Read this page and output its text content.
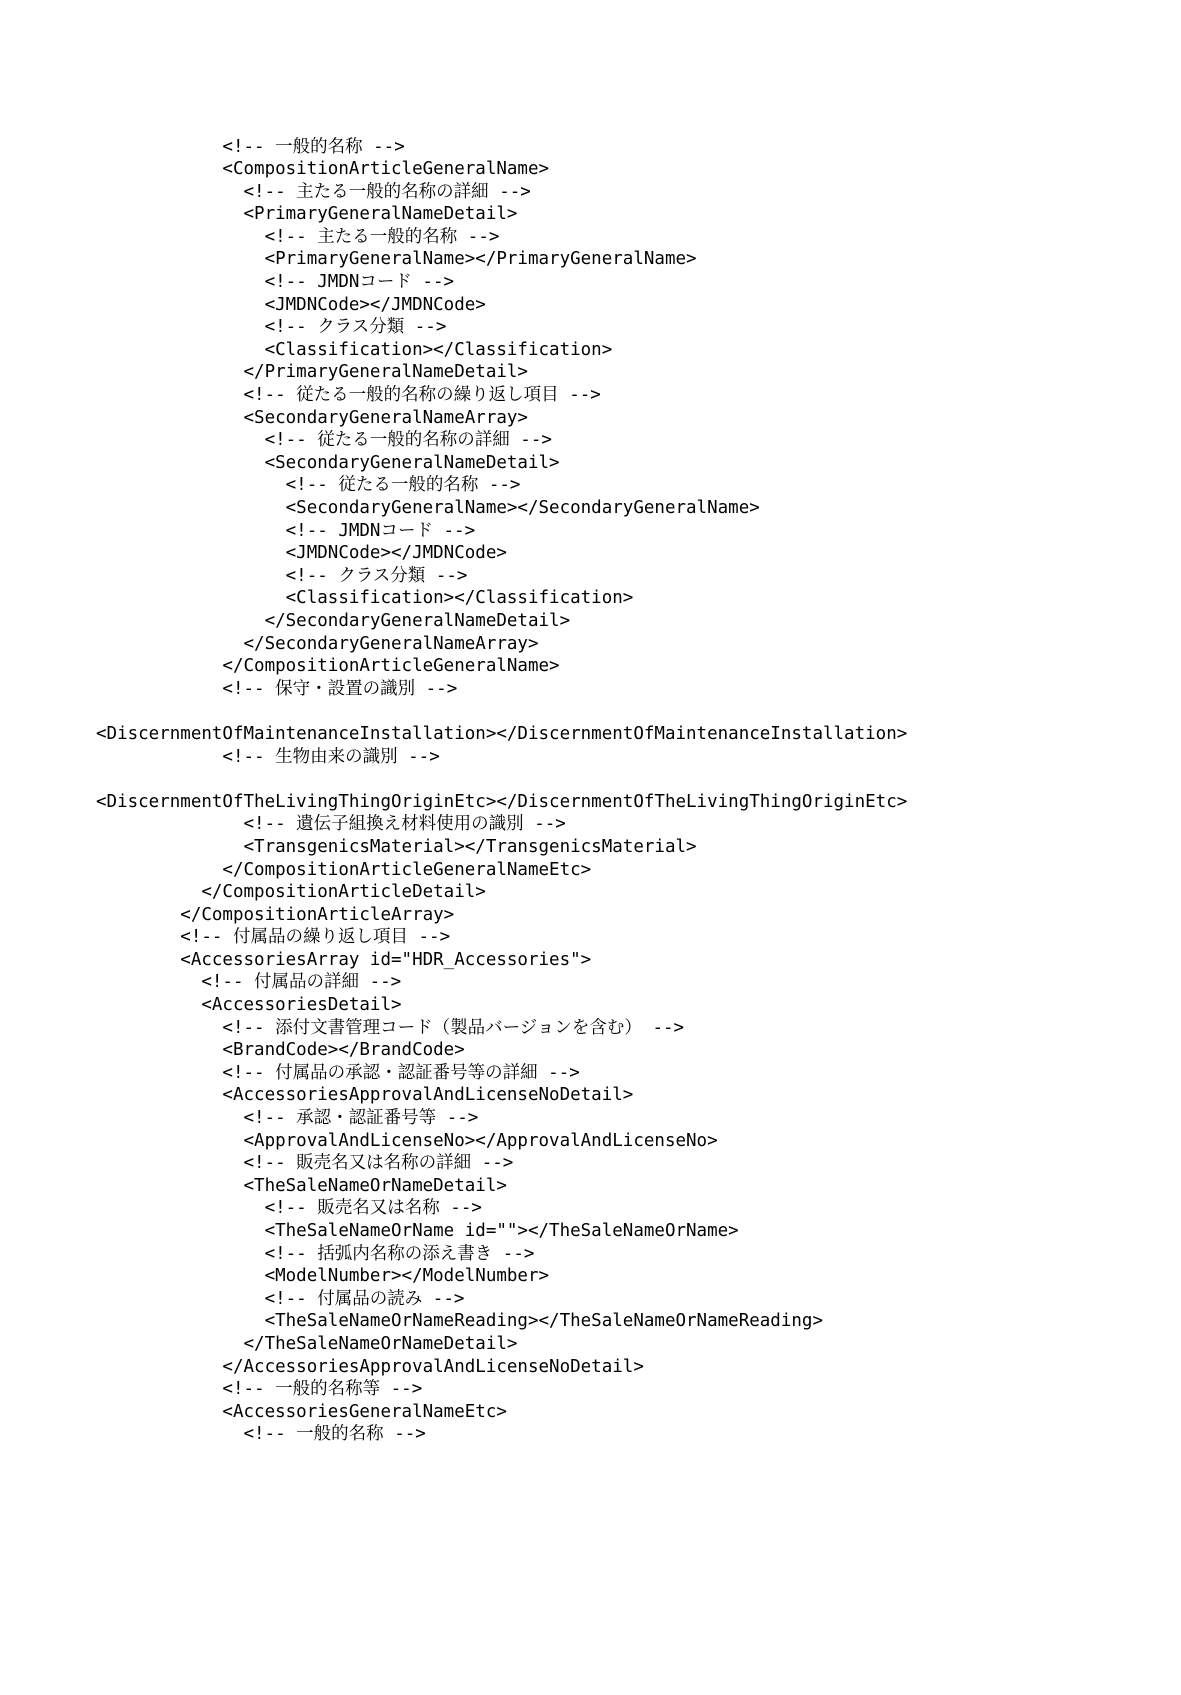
<!-- 一般的名称 -->
<CompositionArticleGeneralName>
<!-- 主たる一般的名称の詳細 -->
<PrimaryGeneralNameDetail>
<!-- 主たる一般的名称 -->
<PrimaryGeneralName></PrimaryGeneralName>
<!-- JMDNコード -->
<JMDNCode></JMDNCode>
<!-- クラス分類 -->
<Classification></Classification>
</PrimaryGeneralNameDetail>
<!-- 従たる一般的名称の繰り返し項目 -->
<SecondaryGeneralNameArray>
<!-- 従たる一般的名称の詳細 -->
<SecondaryGeneralNameDetail>
<!-- 従たる一般的名称 -->
<SecondaryGeneralName></SecondaryGeneralName>
<!-- JMDNコード -->
<JMDNCode></JMDNCode>
<!-- クラス分類 -->
<Classification></Classification>
</SecondaryGeneralNameDetail>
</SecondaryGeneralNameArray>
</CompositionArticleGeneralName>
<!-- 保守・設置の識別 -->

<DiscernmentOfMaintenanceInstallation></DiscernmentOfMaintenanceInstallation>
<!-- 生物由来の識別 -->

<DiscernmentOfTheLivingThingOriginEtc></DiscernmentOfTheLivingThingOriginEtc>
<!-- 遺伝子組換え材料使用の識別 -->
<TransgenicsMaterial></TransgenicsMaterial>
</CompositionArticleGeneralNameEtc>
</CompositionArticleDetail>
</CompositionArticleArray>
<!-- 付属品の繰り返し項目 -->
<AccessoriesArray id="HDR_Accessories">
<!-- 付属品の詳細 -->
<AccessoriesDetail>
<!-- 添付文書管理コード（製品バージョンを含む） -->
<BrandCode></BrandCode>
<!-- 付属品の承認・認証番号等の詳細 -->
<AccessoriesApprovalAndLicenseNoDetail>
<!-- 承認・認証番号等 -->
<ApprovalAndLicenseNo></ApprovalAndLicenseNo>
<!-- 販売名又は名称の詳細 -->
<TheSaleNameOrNameDetail>
<!-- 販売名又は名称 -->
<TheSaleNameOrName id=""></TheSaleNameOrName>
<!-- 括弧内名称の添え書き -->
<ModelNumber></ModelNumber>
<!-- 付属品の読み -->
<TheSaleNameOrNameReading></TheSaleNameOrNameReading>
</TheSaleNameOrNameDetail>
</AccessoriesApprovalAndLicenseNoDetail>
<!-- 一般的名称等 -->
<AccessoriesGeneralNameEtc>
<!-- 一般的名称 -->
